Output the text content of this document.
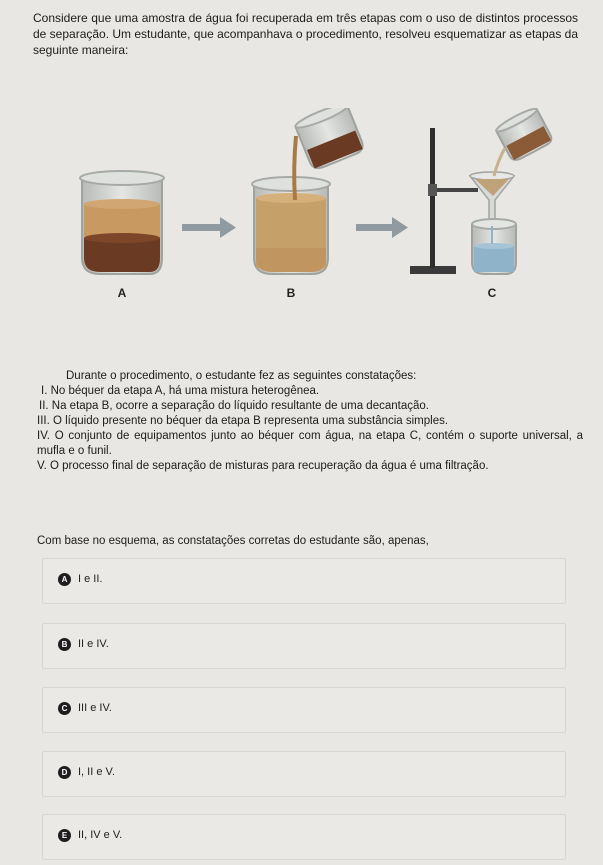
Considere que uma amostra de água foi recuperada em três etapas com o uso de distintos processos de separação. Um estudante, que acompanhava o procedimento, resolveu esquematizar as etapas da seguinte maneira:
A	B	C
Durante o procedimento, o estudante fez as seguintes constatações:
I. No béquer da etapa A, há uma mistura heterogênea.
II. Na etapa B, ocorre a separação do líquido resultante de uma decantação.
III. O líquido presente no béquer da etapa B representa uma substância simples.
IV. O conjunto de equipamentos junto ao béquer com água, na etapa C, contém o suporte universal, a mufla e o funil.
V. O processo final de separação de misturas para recuperação da água é uma filtração.
Com base no esquema, as constatações corretas do estudante são, apenas,
A I e II.
B II e IV.
C III e IV.
D I, II e V.
E II, IV e V.
